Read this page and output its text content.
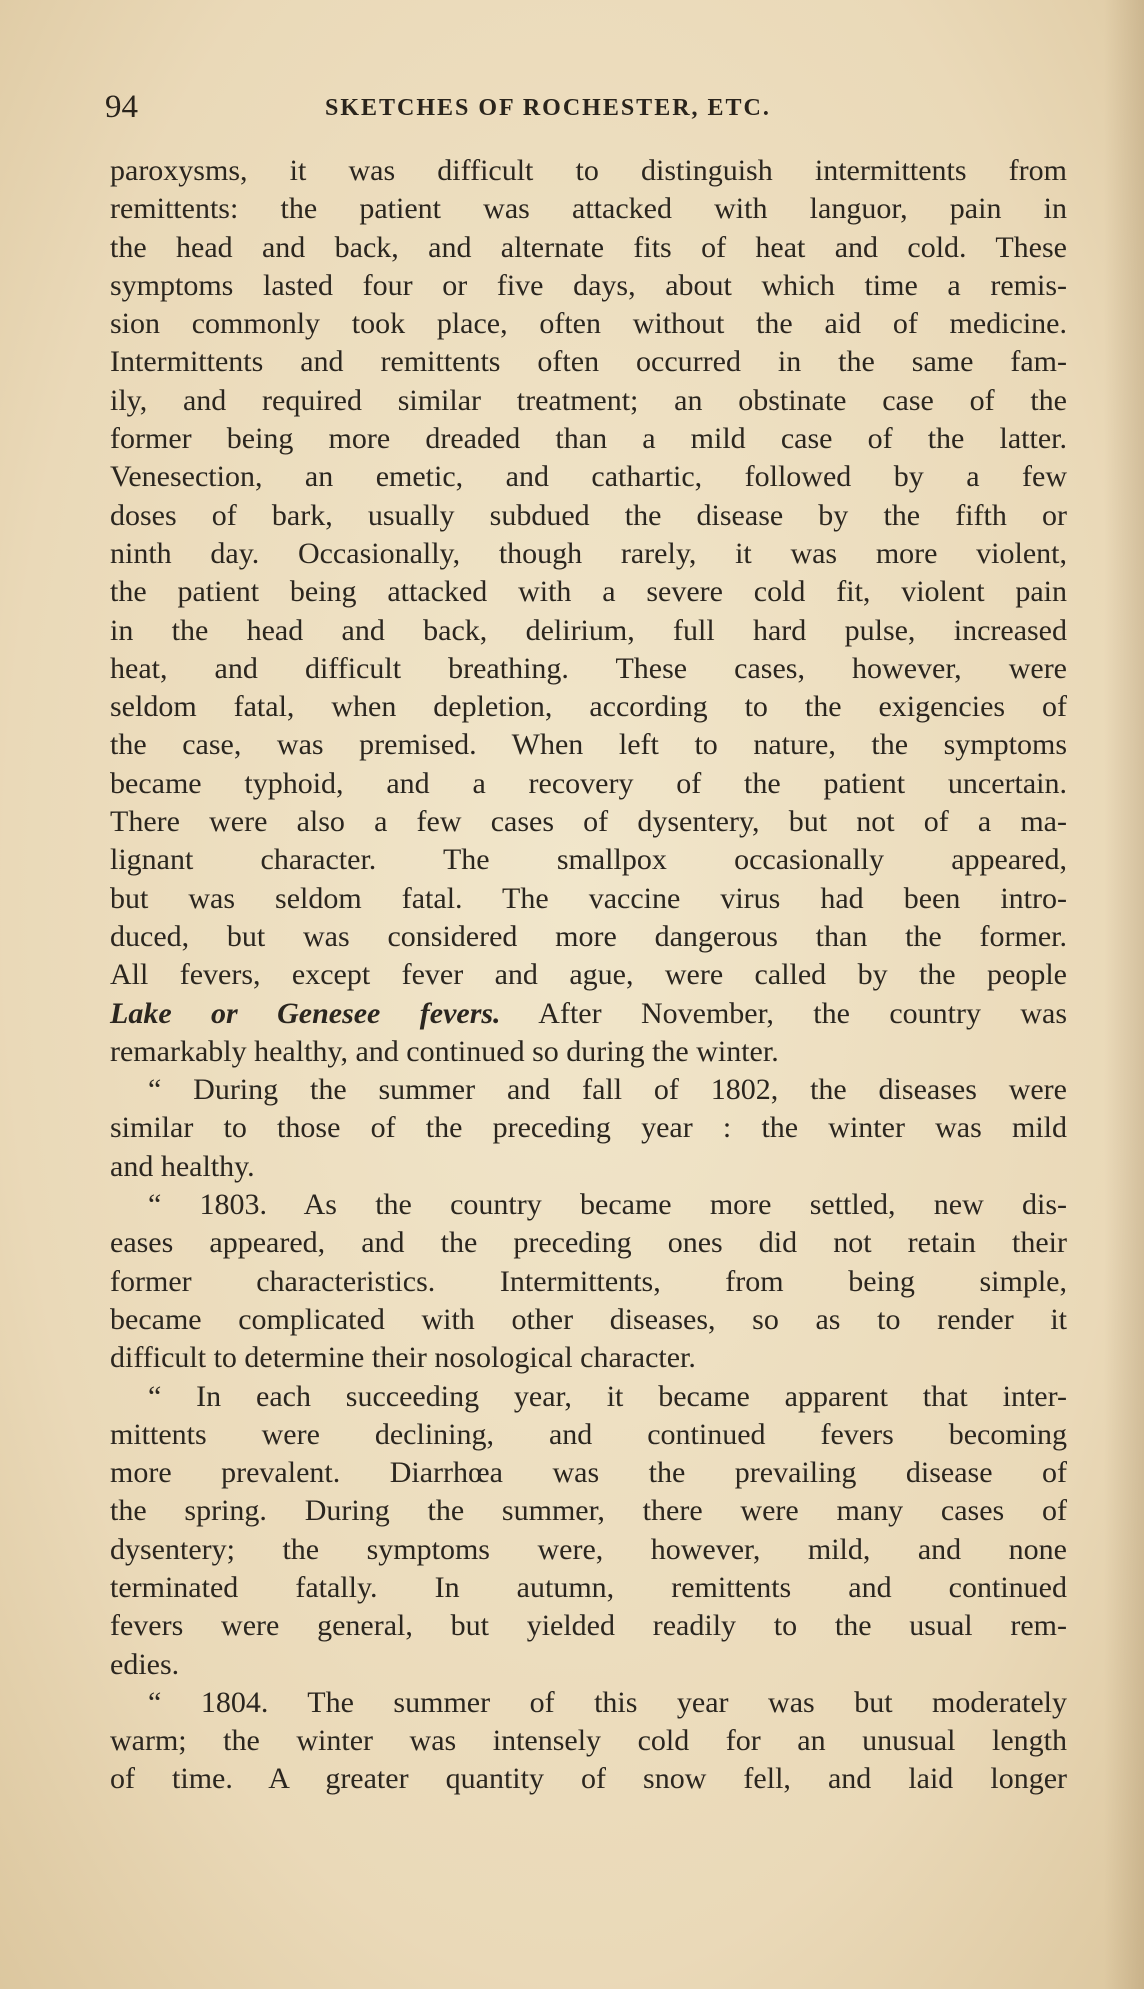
94	SKETCHES OF ROCHESTER, ETC.
paroxysms, it was difficult to distinguish intermittents from
remittents: the patient was attacked with languor, pain in
the head and back, and alternate fits of heat and cold. These
symptoms lasted four or five days, about which time a remis-
sion commonly took place, often without the aid of medicine.
Intermittents and remittents often occurred in the same fam-
ily, and required similar treatment; an obstinate case of the
former being more dreaded than a mild case of the latter.
Venesection, an emetic, and cathartic, followed by a few
doses of bark, usually subdued the disease by the fifth or
ninth day. Occasionally, though rarely, it was more violent,
the patient being attacked with a severe cold fit, violent pain
in the head and back, delirium, full hard pulse, increased
heat, and difficult breathing. These cases, however, were
seldom fatal, when depletion, according to the exigencies of
the case, was premised. When left to nature, the symptoms
became typhoid, and a recovery of the patient uncertain.
There were also a few cases of dysentery, but not of a ma-
lignant character. The smallpox occasionally appeared,
but was seldom fatal. The vaccine virus had been intro-
duced, but was considered more dangerous than the former.
All fevers, except fever and ague, were called by the people
Lake or Genesee fevers. After November, the country was
remarkably healthy, and continued so during the winter.
“ During the summer and fall of 1802, the diseases were
similar to those of the preceding year : the winter was mild
and healthy.
“ 1803. As the country became more settled, new dis-
eases appeared, and the preceding ones did not retain their
former characteristics. Intermittents, from being simple,
became complicated with other diseases, so as to render it
difficult to determine their nosological character.
“ In each succeeding year, it became apparent that inter-
mittents were declining, and continued fevers becoming
more prevalent. Diarrhœa was the prevailing disease of
the spring. During the summer, there were many cases of
dysentery; the symptoms were, however, mild, and none
terminated fatally. In autumn, remittents and continued
fevers were general, but yielded readily to the usual rem-
edies.
“ 1804. The summer of this year was but moderately
warm; the winter was intensely cold for an unusual length
of time. A greater quantity of snow fell, and laid longer
